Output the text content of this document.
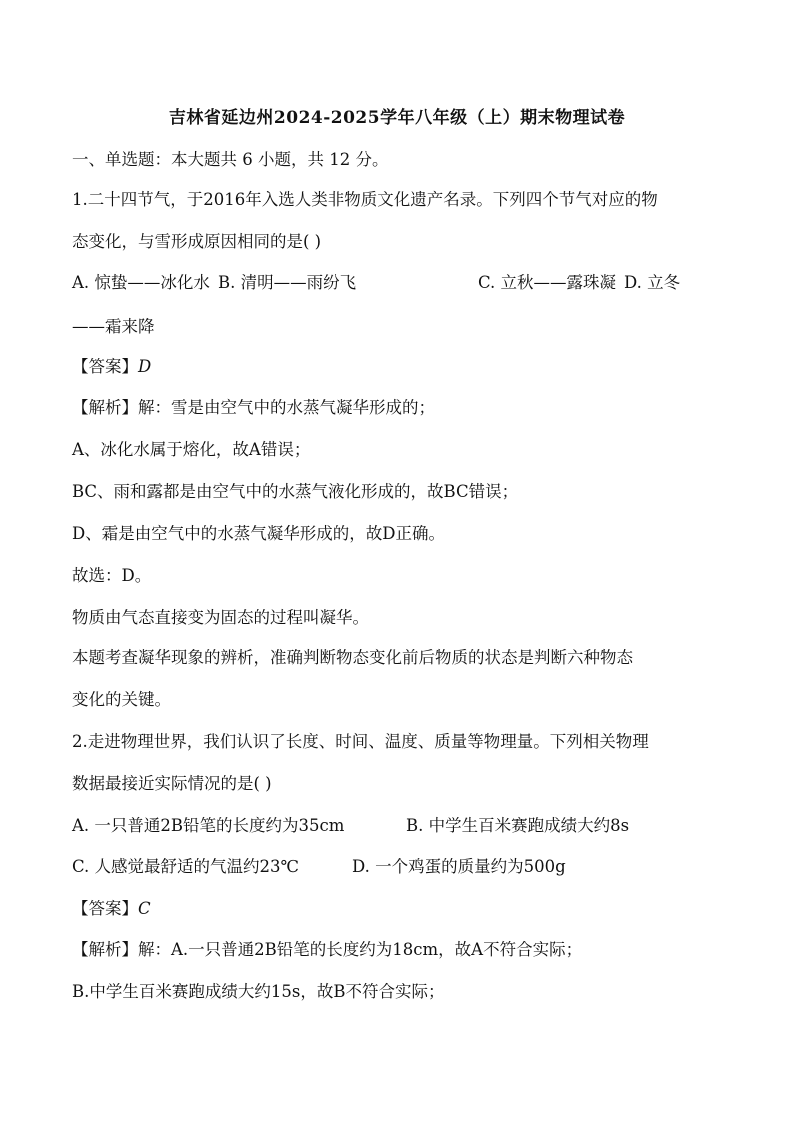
吉林省延边州2024-2025学年八年级（上）期末物理试卷
一、单选题：本大题共 6 小题，共 12 分。
1.二十四节气，于2016年入选人类非物质文化遗产名录。下列四个节气对应的物
态变化，与雪形成原因相同的是( )
A. 惊蛰——冰化水 B. 清明——雨纷飞	C. 立秋——露珠凝 D. 立冬
——霜来降
【答案】D
【解析】解：雪是由空气中的水蒸气凝华形成的；
A、冰化水属于熔化，故A错误；
BC、雨和露都是由空气中的水蒸气液化形成的，故BC错误；
D、霜是由空气中的水蒸气凝华形成的，故D正确。
故选：D。
物质由气态直接变为固态的过程叫凝华。
本题考查凝华现象的辨析，准确判断物态变化前后物质的状态是判断六种物态
变化的关键。
2.走进物理世界，我们认识了长度、时间、温度、质量等物理量。下列相关物理
数据最接近实际情况的是( )
A. 一只普通2B铅笔的长度约为35cm	B. 中学生百米赛跑成绩大约8s
C. 人感觉最舒适的气温约23℃	D. 一个鸡蛋的质量约为500g
【答案】C
【解析】解：A.一只普通2B铅笔的长度约为18cm，故A不符合实际；
B.中学生百米赛跑成绩大约15s，故B不符合实际；
